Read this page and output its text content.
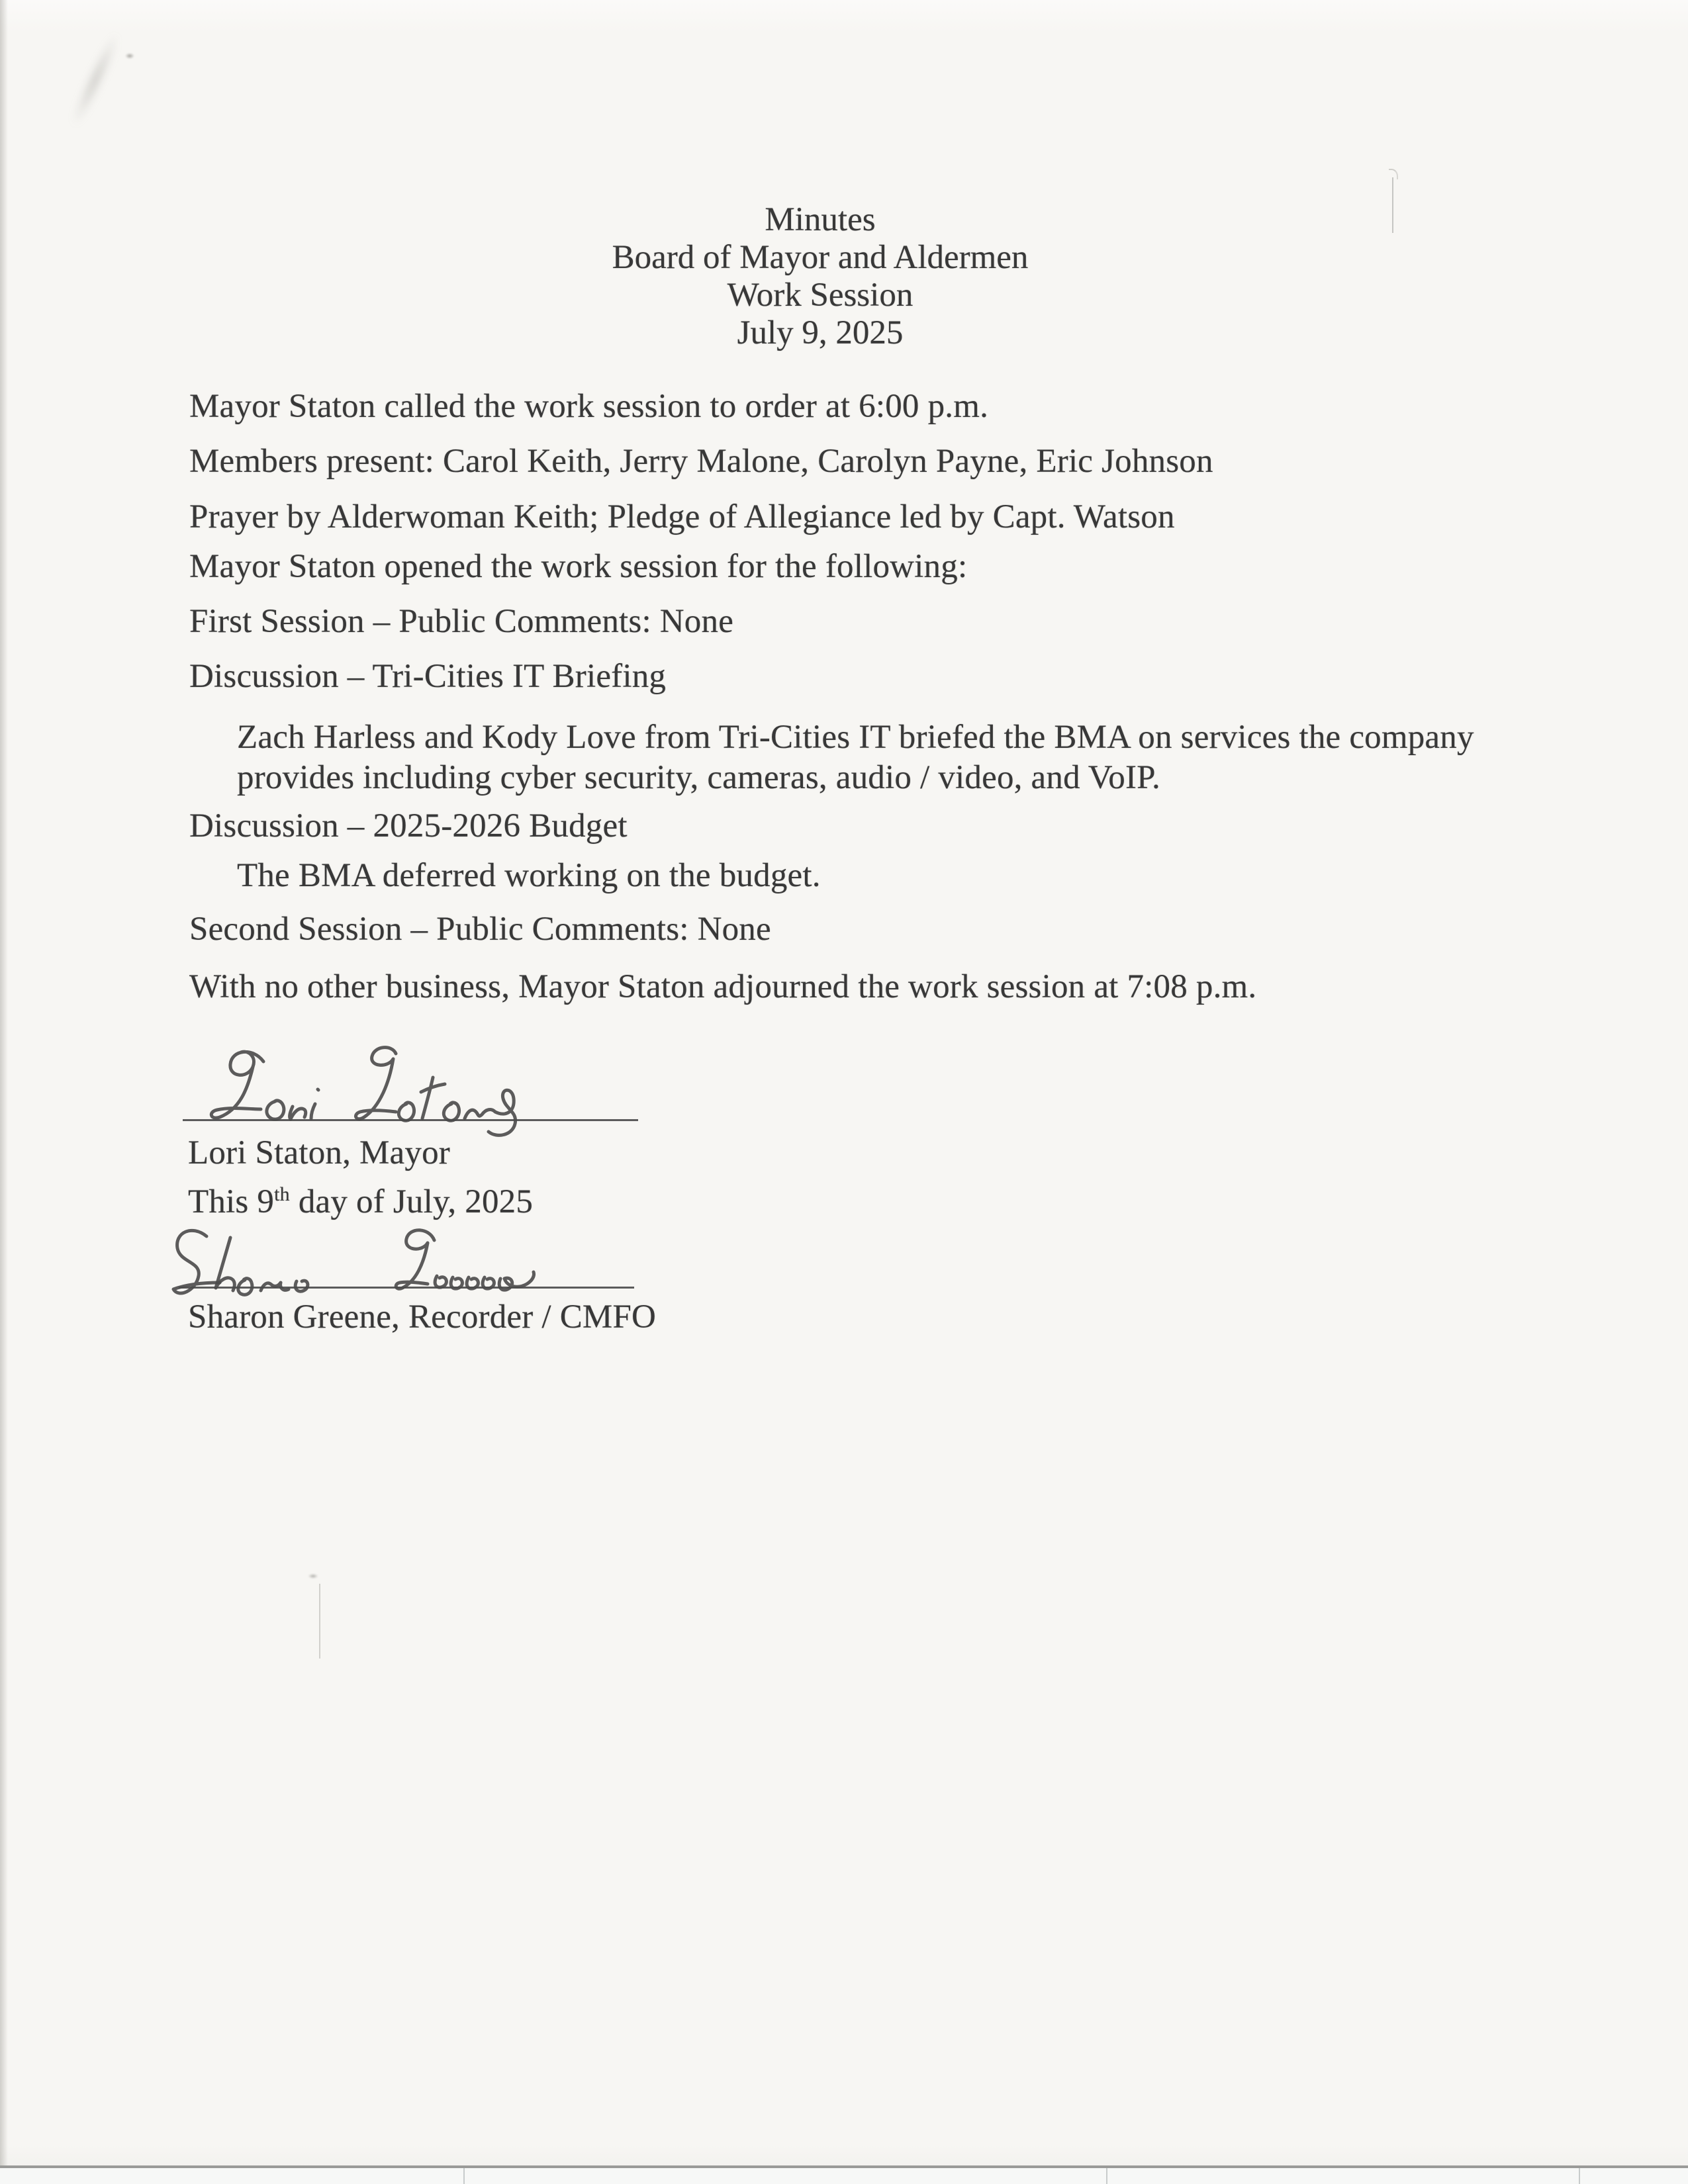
Minutes
Board of Mayor and Aldermen
Work Session
July 9, 2025
Mayor Staton called the work session to order at 6:00 p.m.
Members present: Carol Keith, Jerry Malone, Carolyn Payne, Eric Johnson
Prayer by Alderwoman Keith; Pledge of Allegiance led by Capt. Watson
Mayor Staton opened the work session for the following:
First Session – Public Comments: None
Discussion – Tri-Cities IT Briefing
Zach Harless and Kody Love from Tri-Cities IT briefed the BMA on services the company
provides including cyber security, cameras, audio / video, and VoIP.
Discussion – 2025-2026 Budget
The BMA deferred working on the budget.
Second Session – Public Comments: None
With no other business, Mayor Staton adjourned the work session at 7:08 p.m.
Lori Staton, Mayor
This 9th day of July, 2025
Sharon Greene, Recorder / CMFO
